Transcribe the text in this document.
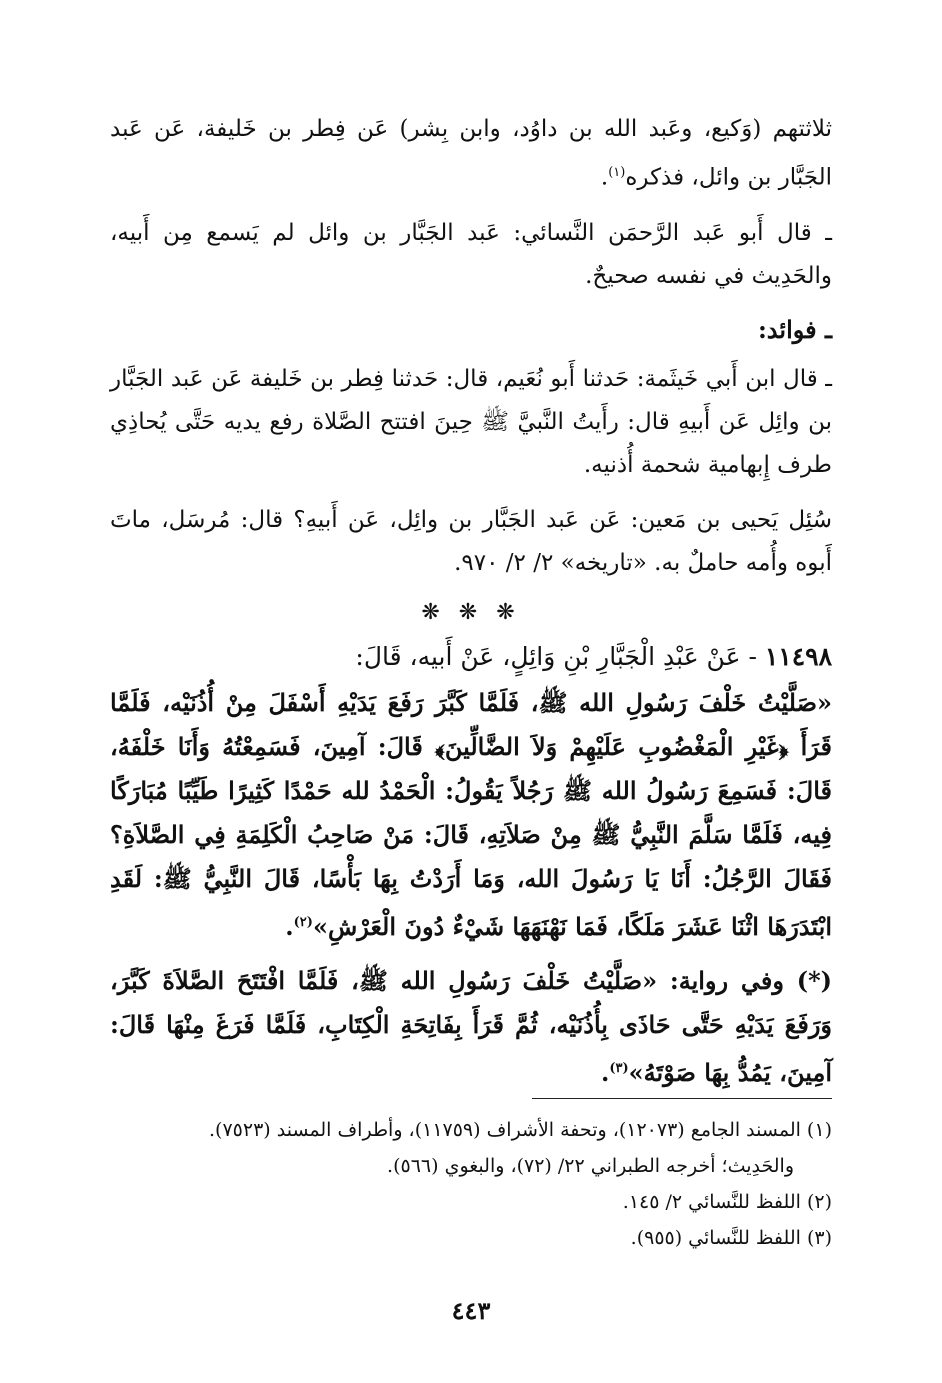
ثلاثتهم (وَكيع، وعَبد الله بن داوُد، وابن بِشر) عَن فِطر بن خَليفة، عَن عَبد الجَبَّار بن وائل، فذكره$^{(١)}$.

ـ قال أَبو عَبد الرَّحمَن النَّسائي: عَبد الجَبَّار بن وائل لم يَسمع مِن أَبيه، والحَدِيث في نفسه صحيحٌ.

ـ فوائد:

ـ قال ابن أَبي خَيثَمة: حَدثنا أَبو نُعَيم، قال: حَدثنا فِطر بن خَليفة عَن عَبد الجَبَّار بن وائِل عَن أَبيهِ قال: رأَيتُ النَّبيَّ ﷺ حِينَ افتتح الصَّلاة رفع يديه حَتَّى يُحاذِي طرف إِبهامية شحمة أُذنيه.

سُئِل يَحيى بن مَعين: عَن عَبد الجَبَّار بن وائِل، عَن أَبيهِ؟ قال: مُرسَل، ماتَ أَبوه وأُمه حاملٌ به. «تاريخه» ٢/ ٢/ ٩٧٠.

❋ ❋ ❋

١١٤٩٨ - عَنْ عَبْدِ الْجَبَّارِ بْنِ وَائِلٍ، عَنْ أَبيه، قَالَ:

«صَلَّيْتُ خَلْفَ رَسُولِ الله ﷺ، فَلَمَّا كَبَّرَ رَفَعَ يَدَيْهِ أَسْفَلَ مِنْ أُذُنَيْه، فَلَمَّا قَرَأَ ﴿غَيْرِ الْمَغْضُوبِ عَلَيْهِمْ وَلاَ الضَّالِّينَ﴾ قَالَ: آمِينَ، فَسَمِعْتُهُ وَأَنَا خَلْفَهُ، قَالَ: فَسَمِعَ رَسُولُ الله ﷺ رَجُلاً يَقُولُ: الْحَمْدُ لله حَمْدًا كَثِيرًا طَيِّبًا مُبَارَكًا فِيه، فَلَمَّا سَلَّمَ النَّبِيُّ ﷺ مِنْ صَلاَتِهِ، قَالَ: مَنْ صَاحِبُ الْكَلِمَةِ فِي الصَّلاَةِ؟ فَقَالَ الرَّجُلُ: أَنَا يَا رَسُولَ الله، وَمَا أَرَدْتُ بِهَا بَأْسًا، قَالَ النَّبِيُّ ﷺ: لَقَدِ ابْتَدَرَهَا اثْنَا عَشَرَ مَلَكًا، فَمَا نَهْنَهَهَا شَيْءٌ دُونَ الْعَرْشِ»$^{(٢)}$.

(*) وفي رواية: «صَلَّيْتُ خَلْفَ رَسُولِ الله ﷺ، فَلَمَّا افْتَتَحَ الصَّلاَةَ كَبَّرَ، وَرَفَعَ يَدَيْهِ حَتَّى حَاذَى بِأُذُنَيْه، ثُمَّ قَرَأَ بِفَاتِحَةِ الْكِتَابِ، فَلَمَّا فَرَغَ مِنْهَا قَالَ: آمِينَ، يَمُدُّ بِهَا صَوْتَهُ»$^{(٣)}$.

(١) المسند الجامع (١٢٠٧٣)، وتحفة الأشراف (١١٧٥٩)، وأطراف المسند (٧٥٢٣).

والحَدِيث؛ أخرجه الطبراني ٢٢/ (٧٢)، والبغوي (٥٦٦).

(٢) اللفظ للنَّسائي ٢/ ١٤٥.

(٣) اللفظ للنَّسائي (٩٥٥).

٤٤٣
